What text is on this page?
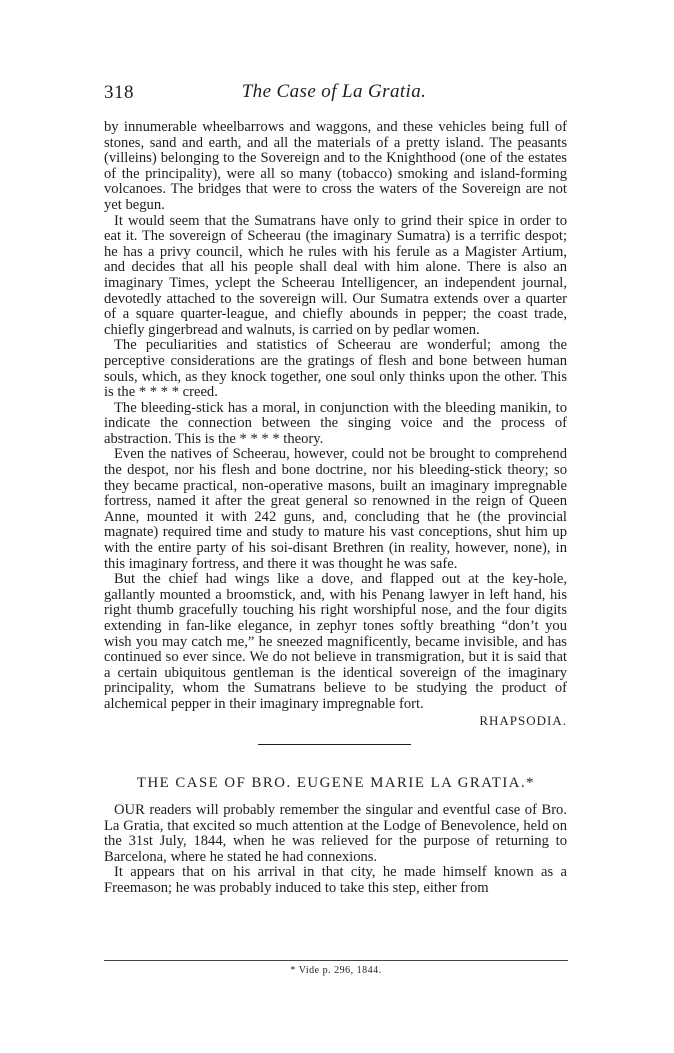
318	The Case of La Gratia.

by innumerable wheelbarrows and waggons, and these vehicles being full of stones, sand and earth, and all the materials of a pretty island. The peasants (villeins) belonging to the Sovereign and to the Knighthood (one of the estates of the principality), were all so many (tobacco) smoking and island-forming volcanoes. The bridges that were to cross the waters of the Sovereign are not yet begun.

It would seem that the Sumatrans have only to grind their spice in order to eat it. The sovereign of Scheerau (the imaginary Sumatra) is a terrific despot; he has a privy council, which he rules with his ferule as a Magister Artium, and decides that all his people shall deal with him alone. There is also an imaginary Times, yclept the Scheerau Intelligencer, an independent journal, devotedly attached to the sovereign will. Our Sumatra extends over a quarter of a square quarter-league, and chiefly abounds in pepper; the coast trade, chiefly gingerbread and walnuts, is carried on by pedlar women.

The peculiarities and statistics of Scheerau are wonderful; among the perceptive considerations are the gratings of flesh and bone between human souls, which, as they knock together, one soul only thinks upon the other. This is the * * * * creed.

The bleeding-stick has a moral, in conjunction with the bleeding manikin, to indicate the connection between the singing voice and the process of abstraction. This is the * * * * theory.

Even the natives of Scheerau, however, could not be brought to comprehend the despot, nor his flesh and bone doctrine, nor his bleeding-stick theory; so they became practical, non-operative masons, built an imaginary impregnable fortress, named it after the great general so renowned in the reign of Queen Anne, mounted it with 242 guns, and, concluding that he (the provincial magnate) required time and study to mature his vast conceptions, shut him up with the entire party of his soi-disant Brethren (in reality, however, none), in this imaginary fortress, and there it was thought he was safe.

But the chief had wings like a dove, and flapped out at the key-hole, gallantly mounted a broomstick, and, with his Penang lawyer in left hand, his right thumb gracefully touching his right worshipful nose, and the four digits extending in fan-like elegance, in zephyr tones softly breathing “don’t you wish you may catch me,” he sneezed magnificently, became invisible, and has continued so ever since. We do not believe in transmigration, but it is said that a certain ubiquitous gentleman is the identical sovereign of the imaginary principality, whom the Sumatrans believe to be studying the product of alchemical pepper in their imaginary impregnable fort.

RHAPSODIA.
THE CASE OF BRO. EUGENE MARIE LA GRATIA.*

OUR readers will probably remember the singular and eventful case of Bro. La Gratia, that excited so much attention at the Lodge of Benevolence, held on the 31st July, 1844, when he was relieved for the purpose of returning to Barcelona, where he stated he had connexions.

It appears that on his arrival in that city, he made himself known as a Freemason; he was probably induced to take this step, either from

* Vide p. 296, 1844.
